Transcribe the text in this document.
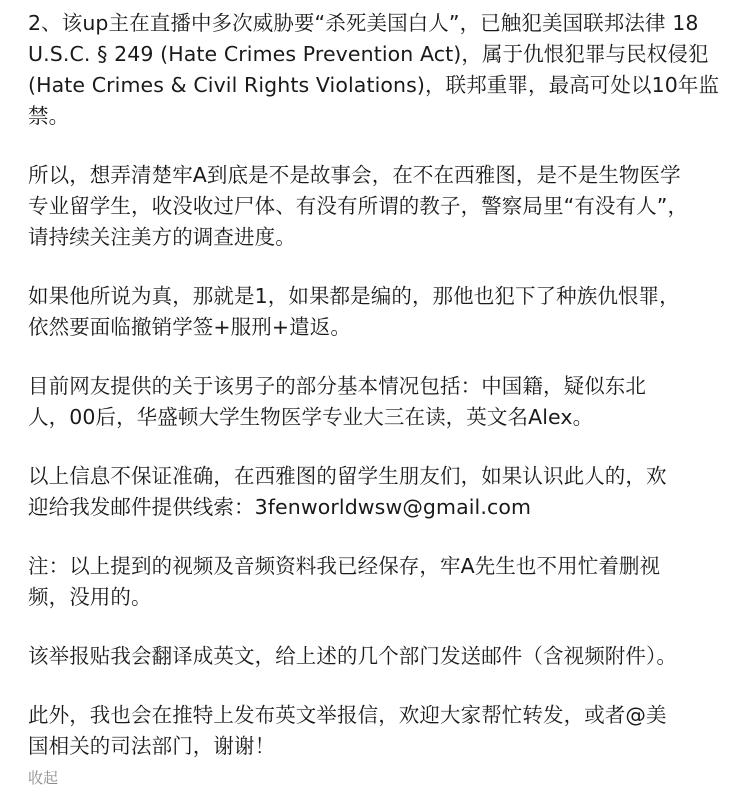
2、该up主在直播中多次威胁要“杀死美国白人”，已触犯美国联邦法律 18
U.S.C. § 249 (Hate Crimes Prevention Act)，属于仇恨犯罪与民权侵犯
(Hate Crimes & Civil Rights Violations)，联邦重罪，最高可处以10年监
禁。

所以，想弄清楚牢A到底是不是故事会，在不在西雅图，是不是生物医学
专业留学生，收没收过尸体、有没有所谓的教子，警察局里“有没有人”，
请持续关注美方的调查进度。

如果他所说为真，那就是1，如果都是编的，那他也犯下了种族仇恨罪，
依然要面临撤销学签+服刑+遣返。

目前网友提供的关于该男子的部分基本情况包括：中国籍，疑似东北
人，00后，华盛顿大学生物医学专业大三在读，英文名Alex。

以上信息不保证准确，在西雅图的留学生朋友们，如果认识此人的，欢
迎给我发邮件提供线索：3fenworldwsw@gmail.com

注：以上提到的视频及音频资料我已经保存，牢A先生也不用忙着删视
频，没用的。

该举报贴我会翻译成英文，给上述的几个部门发送邮件（含视频附件）。

此外，我也会在推特上发布英文举报信，欢迎大家帮忙转发，或者@美
国相关的司法部门，谢谢！

收起
